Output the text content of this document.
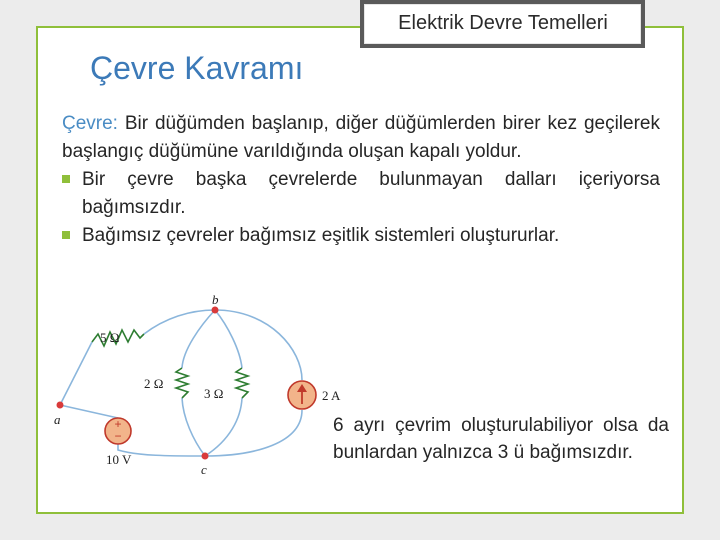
Elektrik Devre Temelleri
Çevre Kavramı

Çevre: Bir düğümden başlanıp, diğer düğümlerden birer kez geçilerek başlangıç düğümüne varıldığında oluşan kapalı yoldur.

Bir çevre başka çevrelerde bulunmayan dalları içeriyorsa bağımsızdır.
Bağımsız çevreler bağımsız eşitlik sistemleri oluştururlar.
+
−
a
b
c
5 Ω
2 Ω
3 Ω	2 A
10 V
6 ayrı çevrim oluşturulabiliyor olsa da bunlardan yalnızca 3 ü bağımsızdır.
